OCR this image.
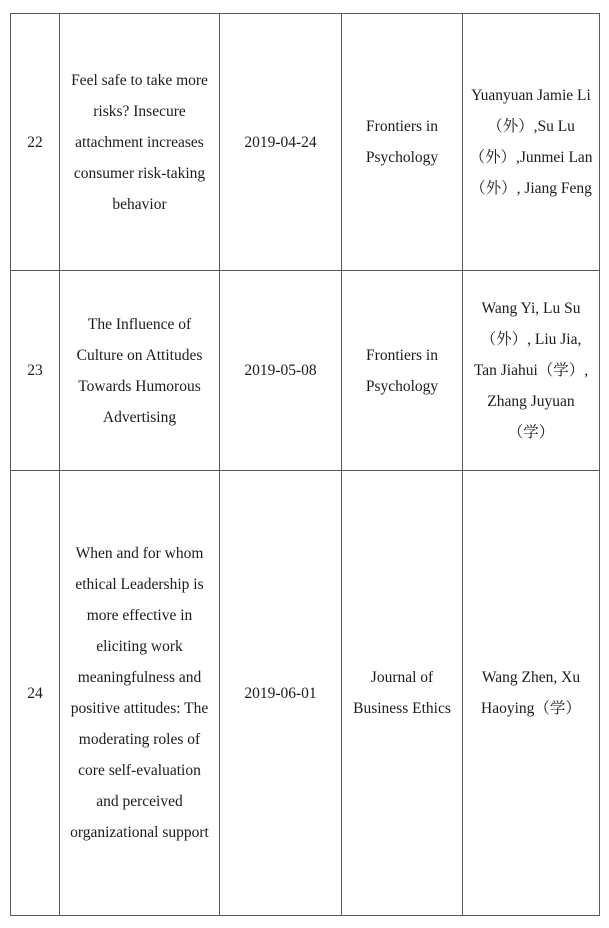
22	Feel safe to take more risks? Insecure attachment increases consumer risk-taking behavior	2019-04-24	Frontiers in Psychology	Yuanyuan Jamie Li（外）,Su Lu（外）,Junmei Lan（外）, Jiang Feng
23	The Influence of Culture on Attitudes Towards Humorous Advertising	2019-05-08	Frontiers in Psychology	Wang Yi, Lu Su（外）, Liu Jia, Tan Jiahui（学）, Zhang Juyuan（学）
24	When and for whom ethical Leadership is more effective in eliciting work meaningfulness and positive attitudes: The moderating roles of core self-evaluation and perceived organizational support	2019-06-01	Journal of Business Ethics	Wang Zhen, Xu Haoying（学）
